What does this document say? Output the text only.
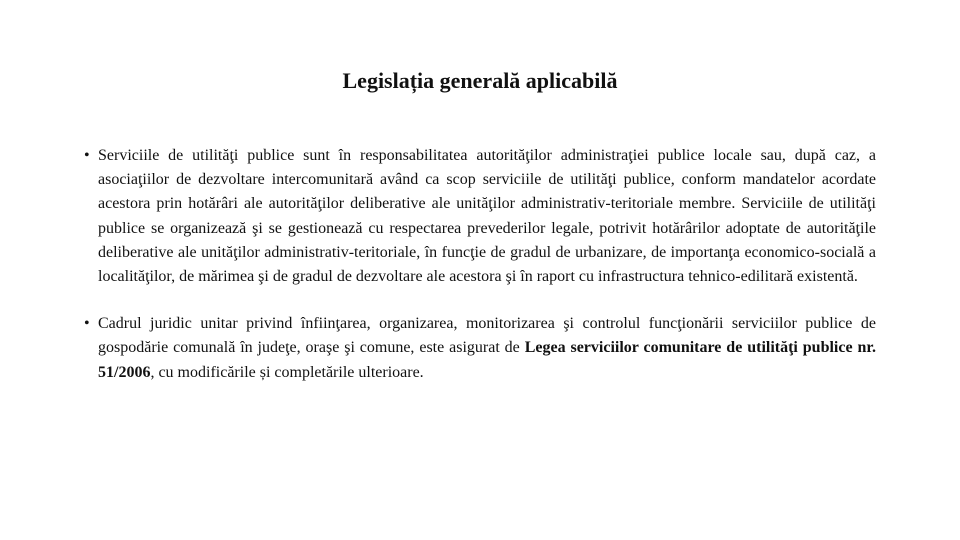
Legislația generală aplicabilă
• Serviciile de utilităţi publice sunt în responsabilitatea autorităţilor administraţiei publice locale sau, după caz, a asociaţiilor de dezvoltare intercomunitară având ca scop serviciile de utilităţi publice, conform mandatelor acordate acestora prin hotărâri ale autorităţilor deliberative ale unităţilor administrativ-teritoriale membre. Serviciile de utilităţi publice se organizează şi se gestionează cu respectarea prevederilor legale, potrivit hotărârilor adoptate de autorităţile deliberative ale unităţilor administrativ-teritoriale, în funcţie de gradul de urbanizare, de importanţa economico-socială a localităţilor, de mărimea şi de gradul de dezvoltare ale acestora şi în raport cu infrastructura tehnico-edilitară existentă.
• Cadrul juridic unitar privind înfiinţarea, organizarea, monitorizarea şi controlul funcţionării serviciilor publice de gospodărie comunală în judeţe, oraşe şi comune, este asigurat de Legea serviciilor comunitare de utilităţi publice nr. 51/2006, cu modificările și completările ulterioare.
